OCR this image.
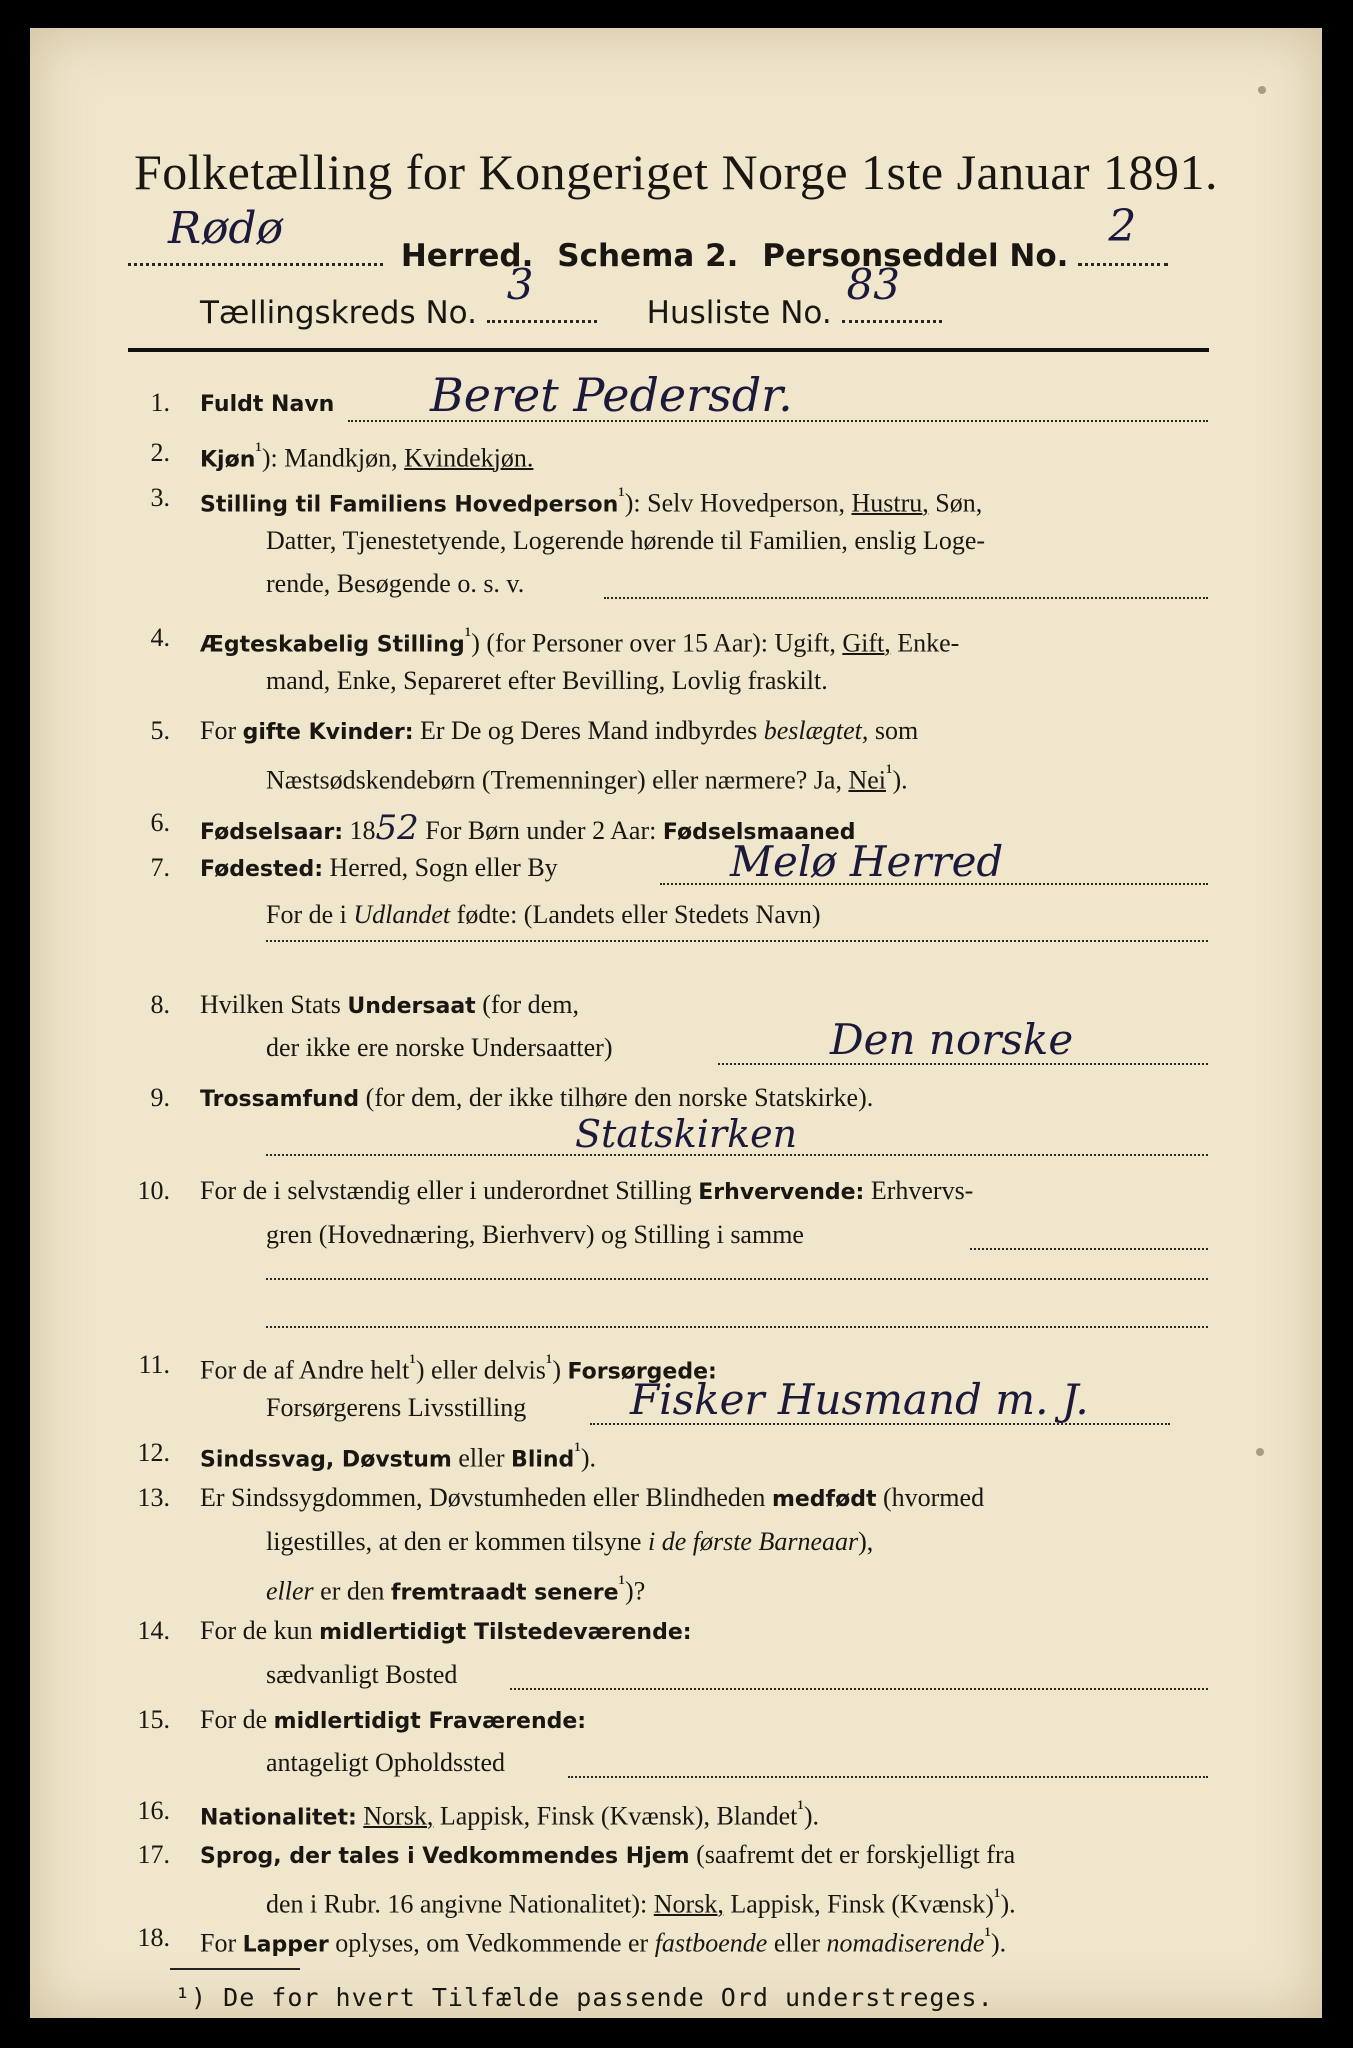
Folketælling for Kongeriget Norge 1ste Januar 1891.
Rødø
Herred. Schema 2. Personseddel No.
2
Tællingskreds No.
3
Husliste No.
83
1. Fuldt Navn Beret Pedersdr.
2. Kjøn$^{^1}$): Mandkjøn, Kvindekjøn.
3. Stilling til Familiens Hovedperson$^{^1}$): Selv Hovedperson, Hustru, Søn,
Datter, Tjenestetyende, Logerende hørende til Familien, enslig Loge-
rende, Besøgende o. s. v.
4. Ægteskabelig Stilling$^{^1}$) (for Personer over 15 Aar): Ugift, Gift, Enke-
mand, Enke, Separeret efter Bevilling, Lovlig fraskilt.
5. For gifte Kvinder: Er De og Deres Mand indbyrdes beslægtet, som
Næstsødskendebørn (Tremenninger) eller nærmere? Ja, Nei$^{^1}$).
6. Fødselsaar: 1852 For Børn under 2 Aar: Fødselsmaaned
7. Fødested: Herred, Sogn eller By	Melø Herred
For de i Udlandet fødte: (Landets eller Stedets Navn)
8. Hvilken Stats Undersaat (for dem,
der ikke ere norske Undersaatter)	Den norske
9. Trossamfund (for dem, der ikke tilhøre den norske Statskirke).
Statskirken
10. For de i selvstændig eller i underordnet Stilling Erhvervende: Erhvervs-
gren (Hovednæring, Bierhverv) og Stilling i samme
11. For de af Andre helt$^{^1}$) eller delvis$^{^1}$) Forsørgede:
Forsørgerens Livsstilling Fisker Husmand m. J.
12. Sindssvag, Døvstum eller Blind$^{^1}$).
13. Er Sindssygdommen, Døvstumheden eller Blindheden medfødt (hvormed
ligestilles, at den er kommen tilsyne i de første Barneaar),
eller er den fremtraadt senere$^{^1}$)?
14. For de kun midlertidigt Tilstedeværende:
sædvanligt Bosted
15. For de midlertidigt Fraværende:
antageligt Opholdssted
16. Nationalitet: Norsk, Lappisk, Finsk (Kvænsk), Blandet$^{^1}$).
17. Sprog, der tales i Vedkommendes Hjem (saafremt det er forskjelligt fra
den i Rubr. 16 angivne Nationalitet): Norsk, Lappisk, Finsk (Kvænsk)$^{^1}$).
18. For Lapper oplyses, om Vedkommende er fastboende eller nomadiserende$^{^1}$).
¹) De for hvert Tilfælde passende Ord understreges.
